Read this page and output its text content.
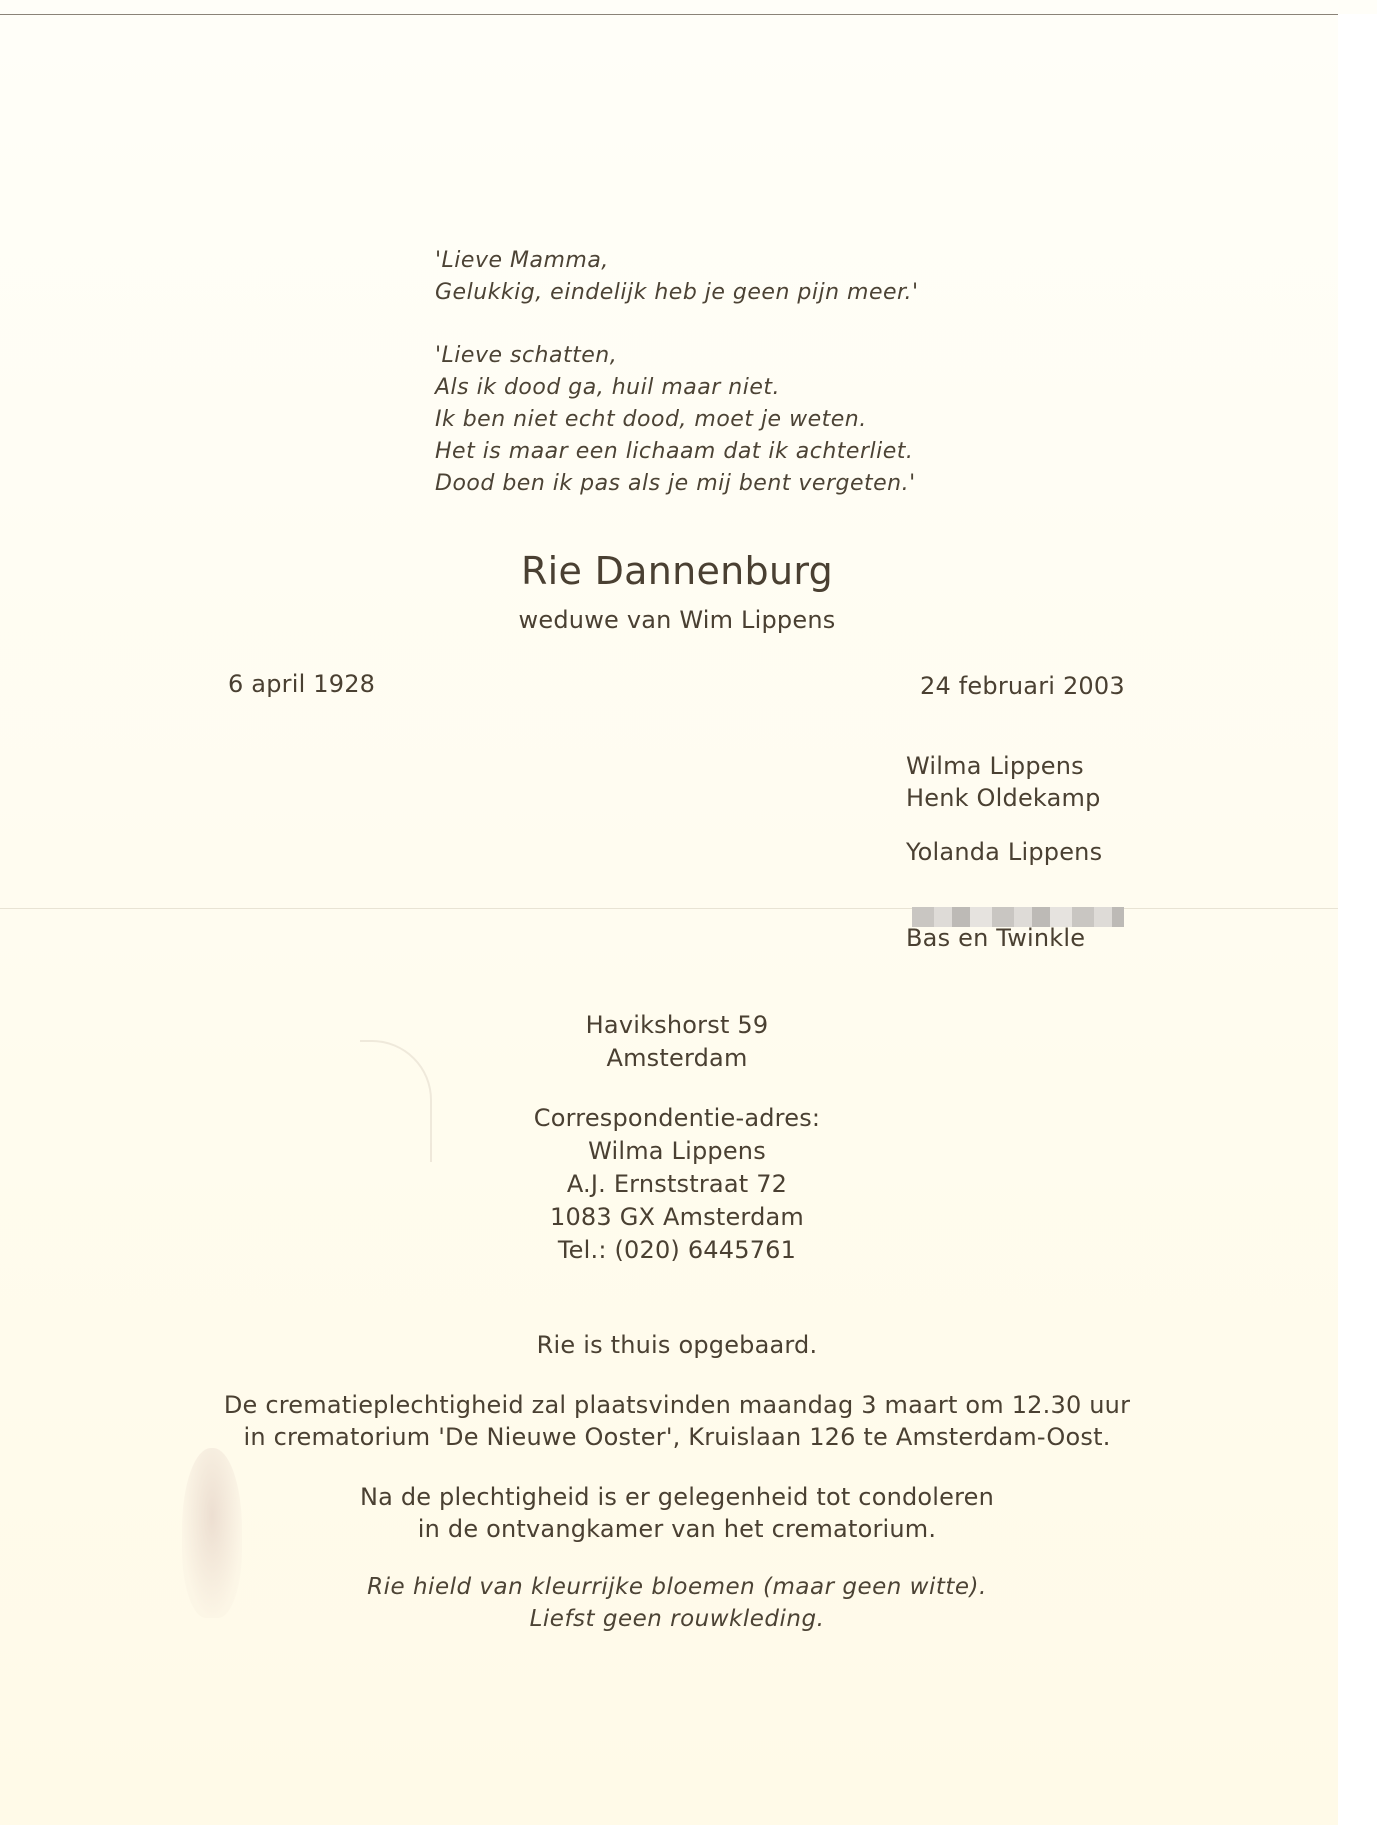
'Lieve Mamma,

Gelukkig, eindelijk heb je geen pijn meer.'

'Lieve schatten,

Als ik dood ga, huil maar niet.

Ik ben niet echt dood, moet je weten.

Het is maar een lichaam dat ik achterliet.

Dood ben ik pas als je mij bent vergeten.'

Rie Dannenburg

weduwe van Wim Lippens

6 april 1928	24 februari 2003

Wilma Lippens

Henk Oldekamp

Yolanda Lippens

Bas en Twinkle

Havikshorst 59

Amsterdam

Correspondentie-adres:

Wilma Lippens

A.J. Ernststraat 72

1083 GX Amsterdam

Tel.: (020) 6445761

Rie is thuis opgebaard.

De crematieplechtigheid zal plaatsvinden maandag 3 maart om 12.30 uur

in crematorium 'De Nieuwe Ooster', Kruislaan 126 te Amsterdam-Oost.

Na de plechtigheid is er gelegenheid tot condoleren

in de ontvangkamer van het crematorium.

Rie hield van kleurrijke bloemen (maar geen witte).

Liefst geen rouwkleding.
